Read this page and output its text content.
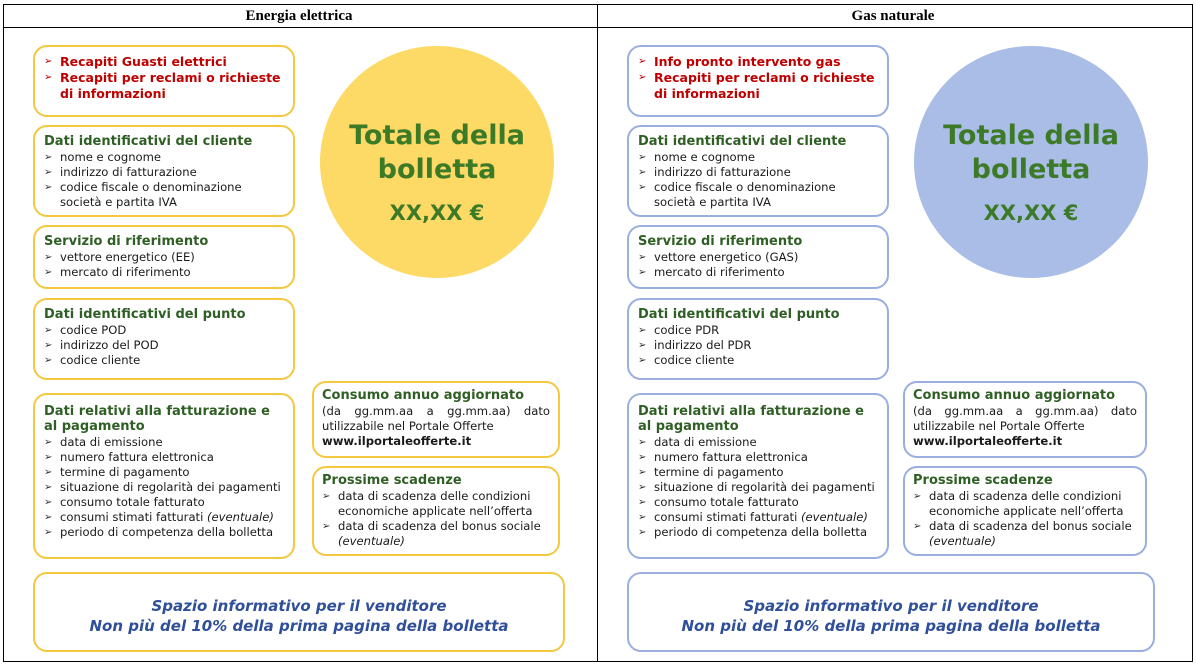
Energia elettrica	Gas naturale
➢ Recapiti Guasti elettrici
➢ Recapiti per reclami o richieste di informazioni
Dati identificativi del cliente
➢ nome e cognome
➢ indirizzo di fatturazione
➢ codice fiscale o denominazione società e partita IVA
Servizio di riferimento
➢ vettore energetico (EE)
➢ mercato di riferimento
Dati identificativi del punto
➢ codice POD
➢ indirizzo del POD
➢ codice cliente
Dati relativi alla fatturazione e al pagamento
➢ data di emissione
➢ numero fattura elettronica
➢ termine di pagamento
➢ situazione di regolarità dei pagamenti
➢ consumo totale fatturato
➢ consumi stimati fatturati (eventuale)
➢ periodo di competenza della bolletta
Totale della
bolletta
XX,XX €
Consumo annuo aggiornato
(da gg.mm.aa a gg.mm.aa) dato utilizzabile nel Portale Offerte
www.ilportaleofferte.it
Prossime scadenze
➢ data di scadenza delle condizioni economiche applicate nell’offerta
➢ data di scadenza del bonus sociale
(eventuale)
Spazio informativo per il venditore
Non più del 10% della prima pagina della bolletta
➢ Info pronto intervento gas
➢ Recapiti per reclami o richieste di informazioni
Dati identificativi del cliente
➢ nome e cognome
➢ indirizzo di fatturazione
➢ codice fiscale o denominazione società e partita IVA
Servizio di riferimento
➢ vettore energetico (GAS)
➢ mercato di riferimento
Dati identificativi del punto
➢ codice PDR
➢ indirizzo del PDR
➢ codice cliente
Dati relativi alla fatturazione e al pagamento
➢ data di emissione
➢ numero fattura elettronica
➢ termine di pagamento
➢ situazione di regolarità dei pagamenti
➢ consumo totale fatturato
➢ consumi stimati fatturati (eventuale)
➢ periodo di competenza della bolletta
Totale della
bolletta
XX,XX €
Consumo annuo aggiornato
(da gg.mm.aa a gg.mm.aa) dato utilizzabile nel Portale Offerte
www.ilportaleofferte.it
Prossime scadenze
➢ data di scadenza delle condizioni economiche applicate nell’offerta
➢ data di scadenza del bonus sociale
(eventuale)
Spazio informativo per il venditore
Non più del 10% della prima pagina della bolletta
